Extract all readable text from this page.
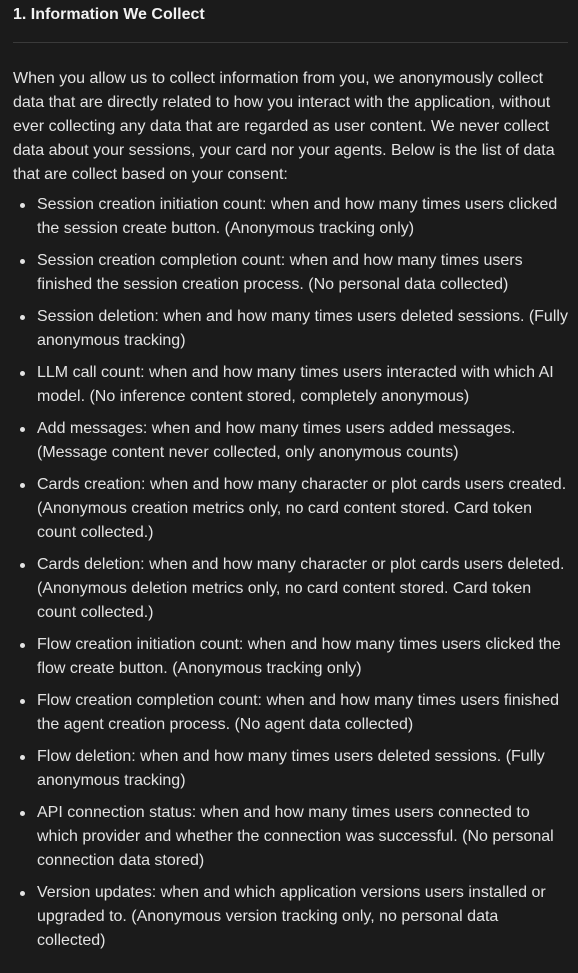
1. Information We Collect

When you allow us to collect information from you, we anonymously collect data that are directly related to how you interact with the application, without ever collecting any data that are regarded as user content. We never collect data about your sessions, your card nor your agents. Below is the list of data that are collect based on your consent:

Session creation initiation count: when and how many times users clicked the session create button. (Anonymous tracking only)
Session creation completion count: when and how many times users finished the session creation process. (No personal data collected)
Session deletion: when and how many times users deleted sessions. (Fully anonymous tracking)
LLM call count: when and how many times users interacted with which AI model. (No inference content stored, completely anonymous)
Add messages: when and how many times users added messages. (Message content never collected, only anonymous counts)
Cards creation: when and how many character or plot cards users created. (Anonymous creation metrics only, no card content stored. Card token count collected.)
Cards deletion: when and how many character or plot cards users deleted. (Anonymous deletion metrics only, no card content stored. Card token count collected.)
Flow creation initiation count: when and how many times users clicked the flow create button. (Anonymous tracking only)
Flow creation completion count: when and how many times users finished the agent creation process. (No agent data collected)
Flow deletion: when and how many times users deleted sessions. (Fully anonymous tracking)
API connection status: when and how many times users connected to which provider and whether the connection was successful. (No personal connection data stored)
Version updates: when and which application versions users installed or upgraded to. (Anonymous version tracking only, no personal data collected)
